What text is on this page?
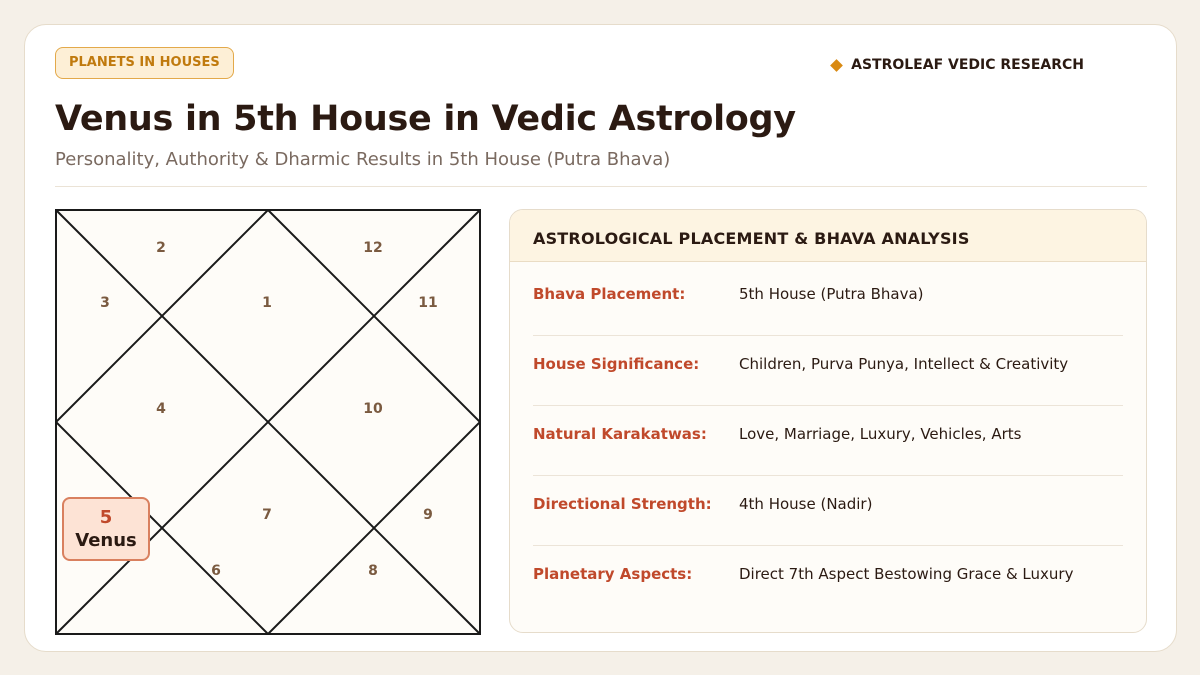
PLANETS IN HOUSES	ASTROLEAF VEDIC RESEARCH
Venus in 5th House in Vedic Astrology
Personality, Authority & Dharmic Results in 5th House (Putra Bhava)
1
2
3
4
6
7
8
9
10
11
12
5
Venus
ASTROLOGICAL PLACEMENT & BHAVA ANALYSIS
Bhava Placement:	5th House (Putra Bhava)
House Significance:	Children, Purva Punya, Intellect & Creativity
Natural Karakatwas: Love, Marriage, Luxury, Vehicles, Arts
Directional Strength: 4th House (Nadir)
Planetary Aspects:	Direct 7th Aspect Bestowing Grace & Luxury
